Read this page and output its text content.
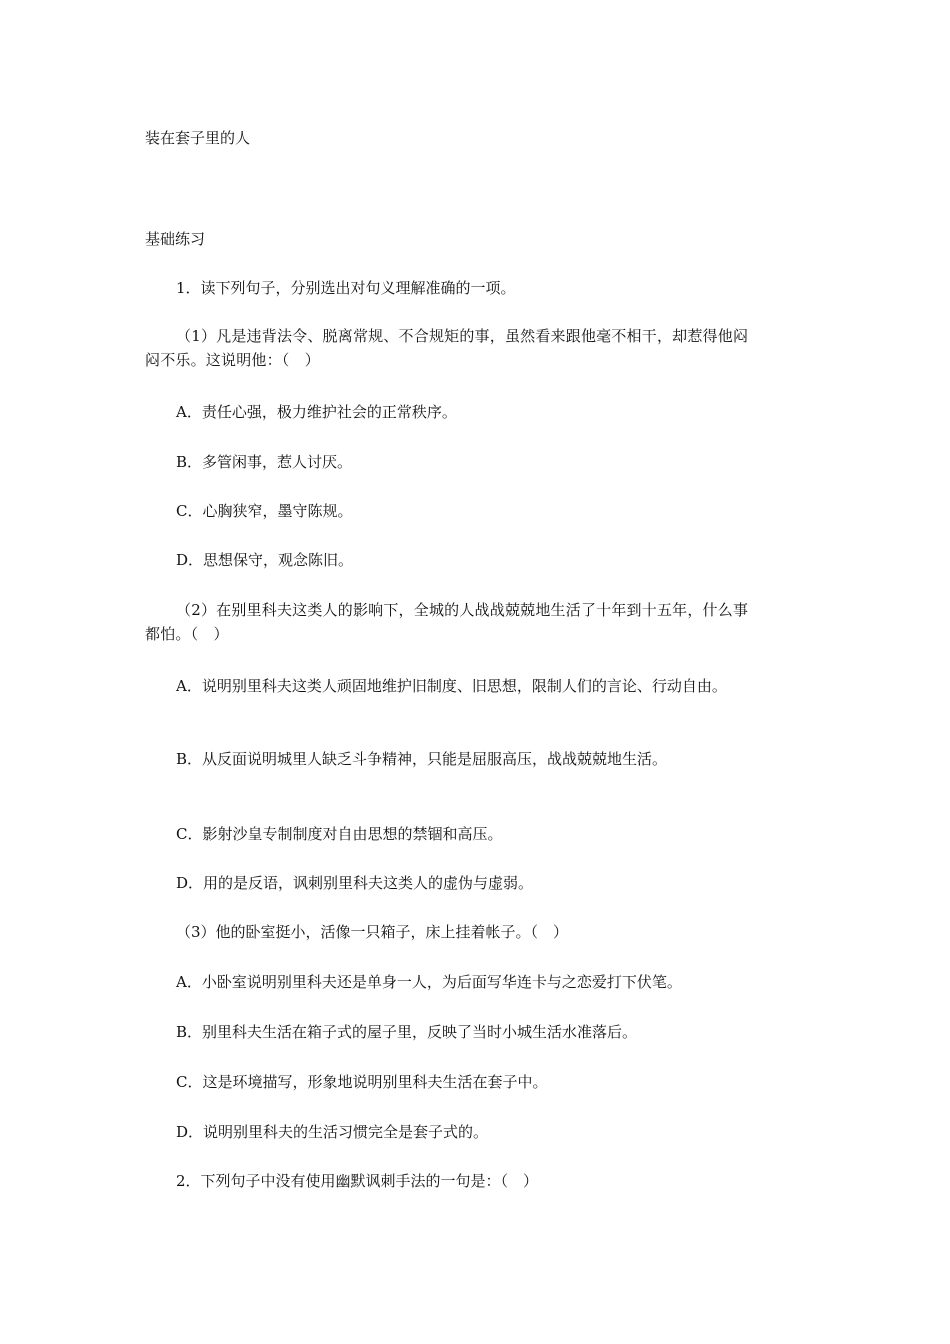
装在套子里的人
基础练习
1．读下列句子，分别选出对句义理解准确的一项。
（1）凡是违背法令、脱离常规、不合规矩的事，虽然看来跟他毫不相干，却惹得他闷
闷不乐。这说明他：（　）
A．责任心强，极力维护社会的正常秩序。
B．多管闲事，惹人讨厌。
C．心胸狭窄，墨守陈规。
D．思想保守，观念陈旧。
（2）在别里科夫这类人的影响下，全城的人战战兢兢地生活了十年到十五年，什么事
都怕。（　）
A．说明别里科夫这类人顽固地维护旧制度、旧思想，限制人们的言论、行动自由。
B．从反面说明城里人缺乏斗争精神，只能是屈服高压，战战兢兢地生活。
C．影射沙皇专制制度对自由思想的禁锢和高压。
D．用的是反语，讽刺别里科夫这类人的虚伪与虚弱。
（3）他的卧室挺小，活像一只箱子，床上挂着帐子。（　）
A．小卧室说明别里科夫还是单身一人，为后面写华连卡与之恋爱打下伏笔。
B．别里科夫生活在箱子式的屋子里，反映了当时小城生活水准落后。
C．这是环境描写，形象地说明别里科夫生活在套子中。
D．说明别里科夫的生活习惯完全是套子式的。
2．下列句子中没有使用幽默讽刺手法的一句是：（　）
